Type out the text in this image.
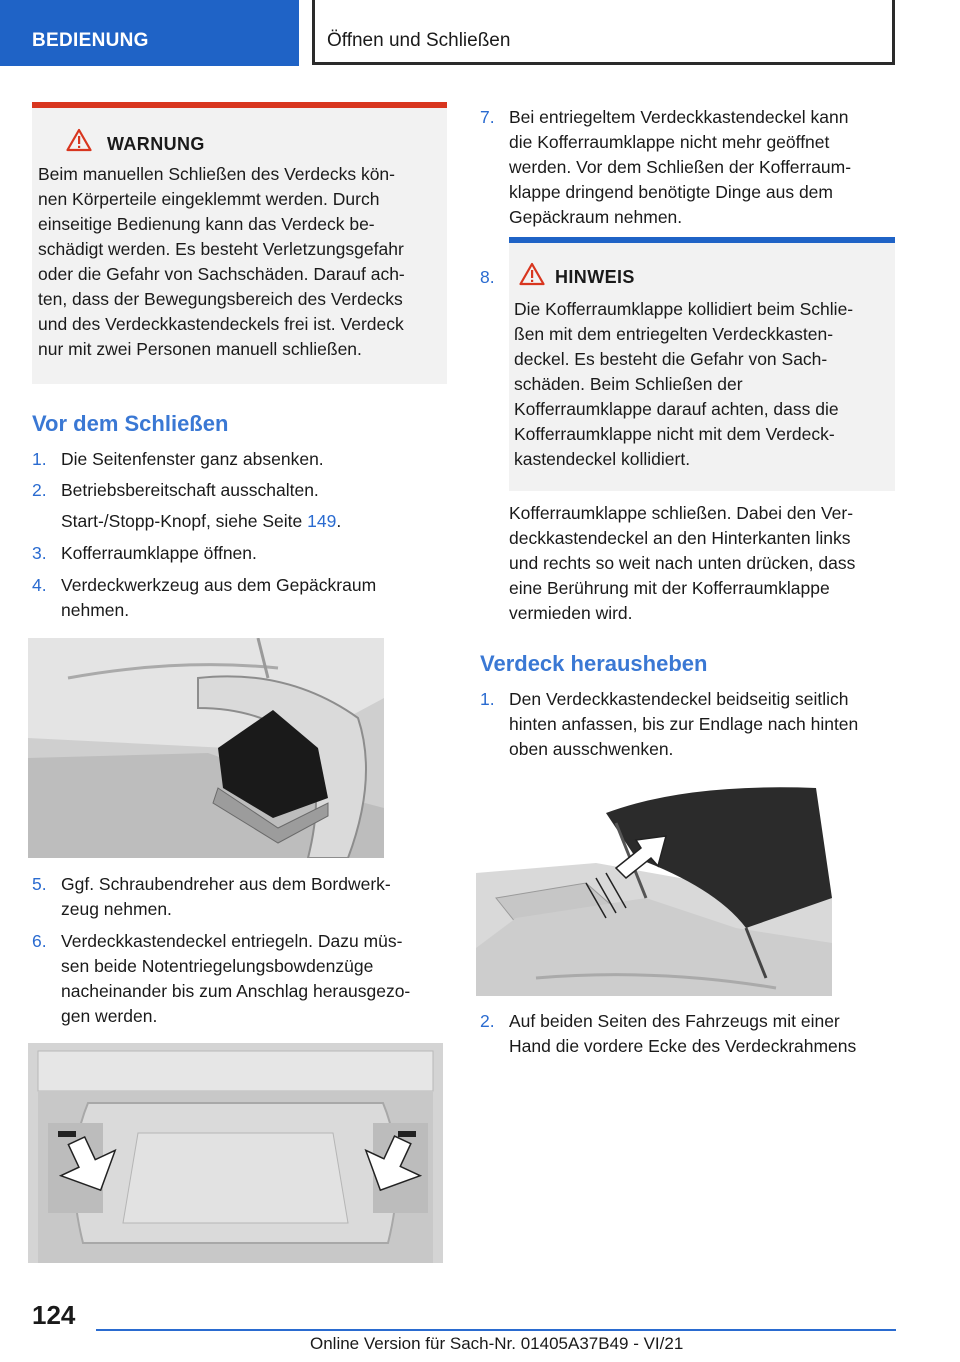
BEDIENUNG	Öffnen und Schließen
WARNUNG
Beim manuellen Schließen des Verdecks kön-
nen Körperteile eingeklemmt werden. Durch
einseitige Bedienung kann das Verdeck be-
schädigt werden. Es besteht Verletzungsgefahr
oder die Gefahr von Sachschäden. Darauf ach-
ten, dass der Bewegungsbereich des Verdecks
und des Verdeckkastendeckels frei ist. Verdeck
nur mit zwei Personen manuell schließen.
Vor dem Schließen
1. Die Seitenfenster ganz absenken.
2. Betriebsbereitschaft ausschalten.
Start-/Stopp-Knopf, siehe Seite 149.
3. Kofferraumklappe öffnen.
4. Verdeckwerkzeug aus dem Gepäckraum
nehmen.
5. Ggf. Schraubendreher aus dem Bordwerk-
zeug nehmen.
6. Verdeckkastendeckel entriegeln. Dazu müs-
sen beide Notentriegelungsbowdenzüge
nacheinander bis zum Anschlag herausgezo-
gen werden.
7. Bei entriegeltem Verdeckkastendeckel kann
die Kofferraumklappe nicht mehr geöffnet
werden. Vor dem Schließen der Kofferraum-
klappe dringend benötigte Dinge aus dem
Gepäckraum nehmen.
8.	HINWEIS
Die Kofferraumklappe kollidiert beim Schlie-
ßen mit dem entriegelten Verdeckkasten-
deckel. Es besteht die Gefahr von Sach-
schäden. Beim Schließen der
Kofferraumklappe darauf achten, dass die
Kofferraumklappe nicht mit dem Verdeck-
kastendeckel kollidiert.
Kofferraumklappe schließen. Dabei den Ver-
deckkastendeckel an den Hinterkanten links
und rechts so weit nach unten drücken, dass
eine Berührung mit der Kofferraumklappe
vermieden wird.
Verdeck herausheben
1. Den Verdeckkastendeckel beidseitig seitlich
hinten anfassen, bis zur Endlage nach hinten
oben ausschwenken.
2. Auf beiden Seiten des Fahrzeugs mit einer
Hand die vordere Ecke des Verdeckrahmens
124
Online Version für Sach-Nr. 01405A37B49 - VI/21
